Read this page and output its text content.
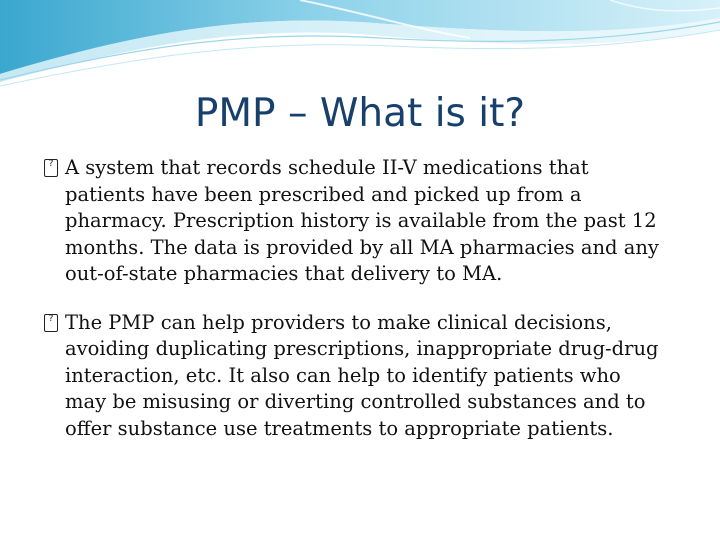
PMP – What is it?

? A system that records schedule II-V medications that patients have been prescribed and picked up from a pharmacy. Prescription history is available from the past 12 months. The data is provided by all MA pharmacies and any out-of-state pharmacies that delivery to MA.

? The PMP can help providers to make clinical decisions, avoiding duplicating prescriptions, inappropriate drug-drug interaction, etc. It also can help to identify patients who may be misusing or diverting controlled substances and to offer substance use treatments to appropriate patients.
